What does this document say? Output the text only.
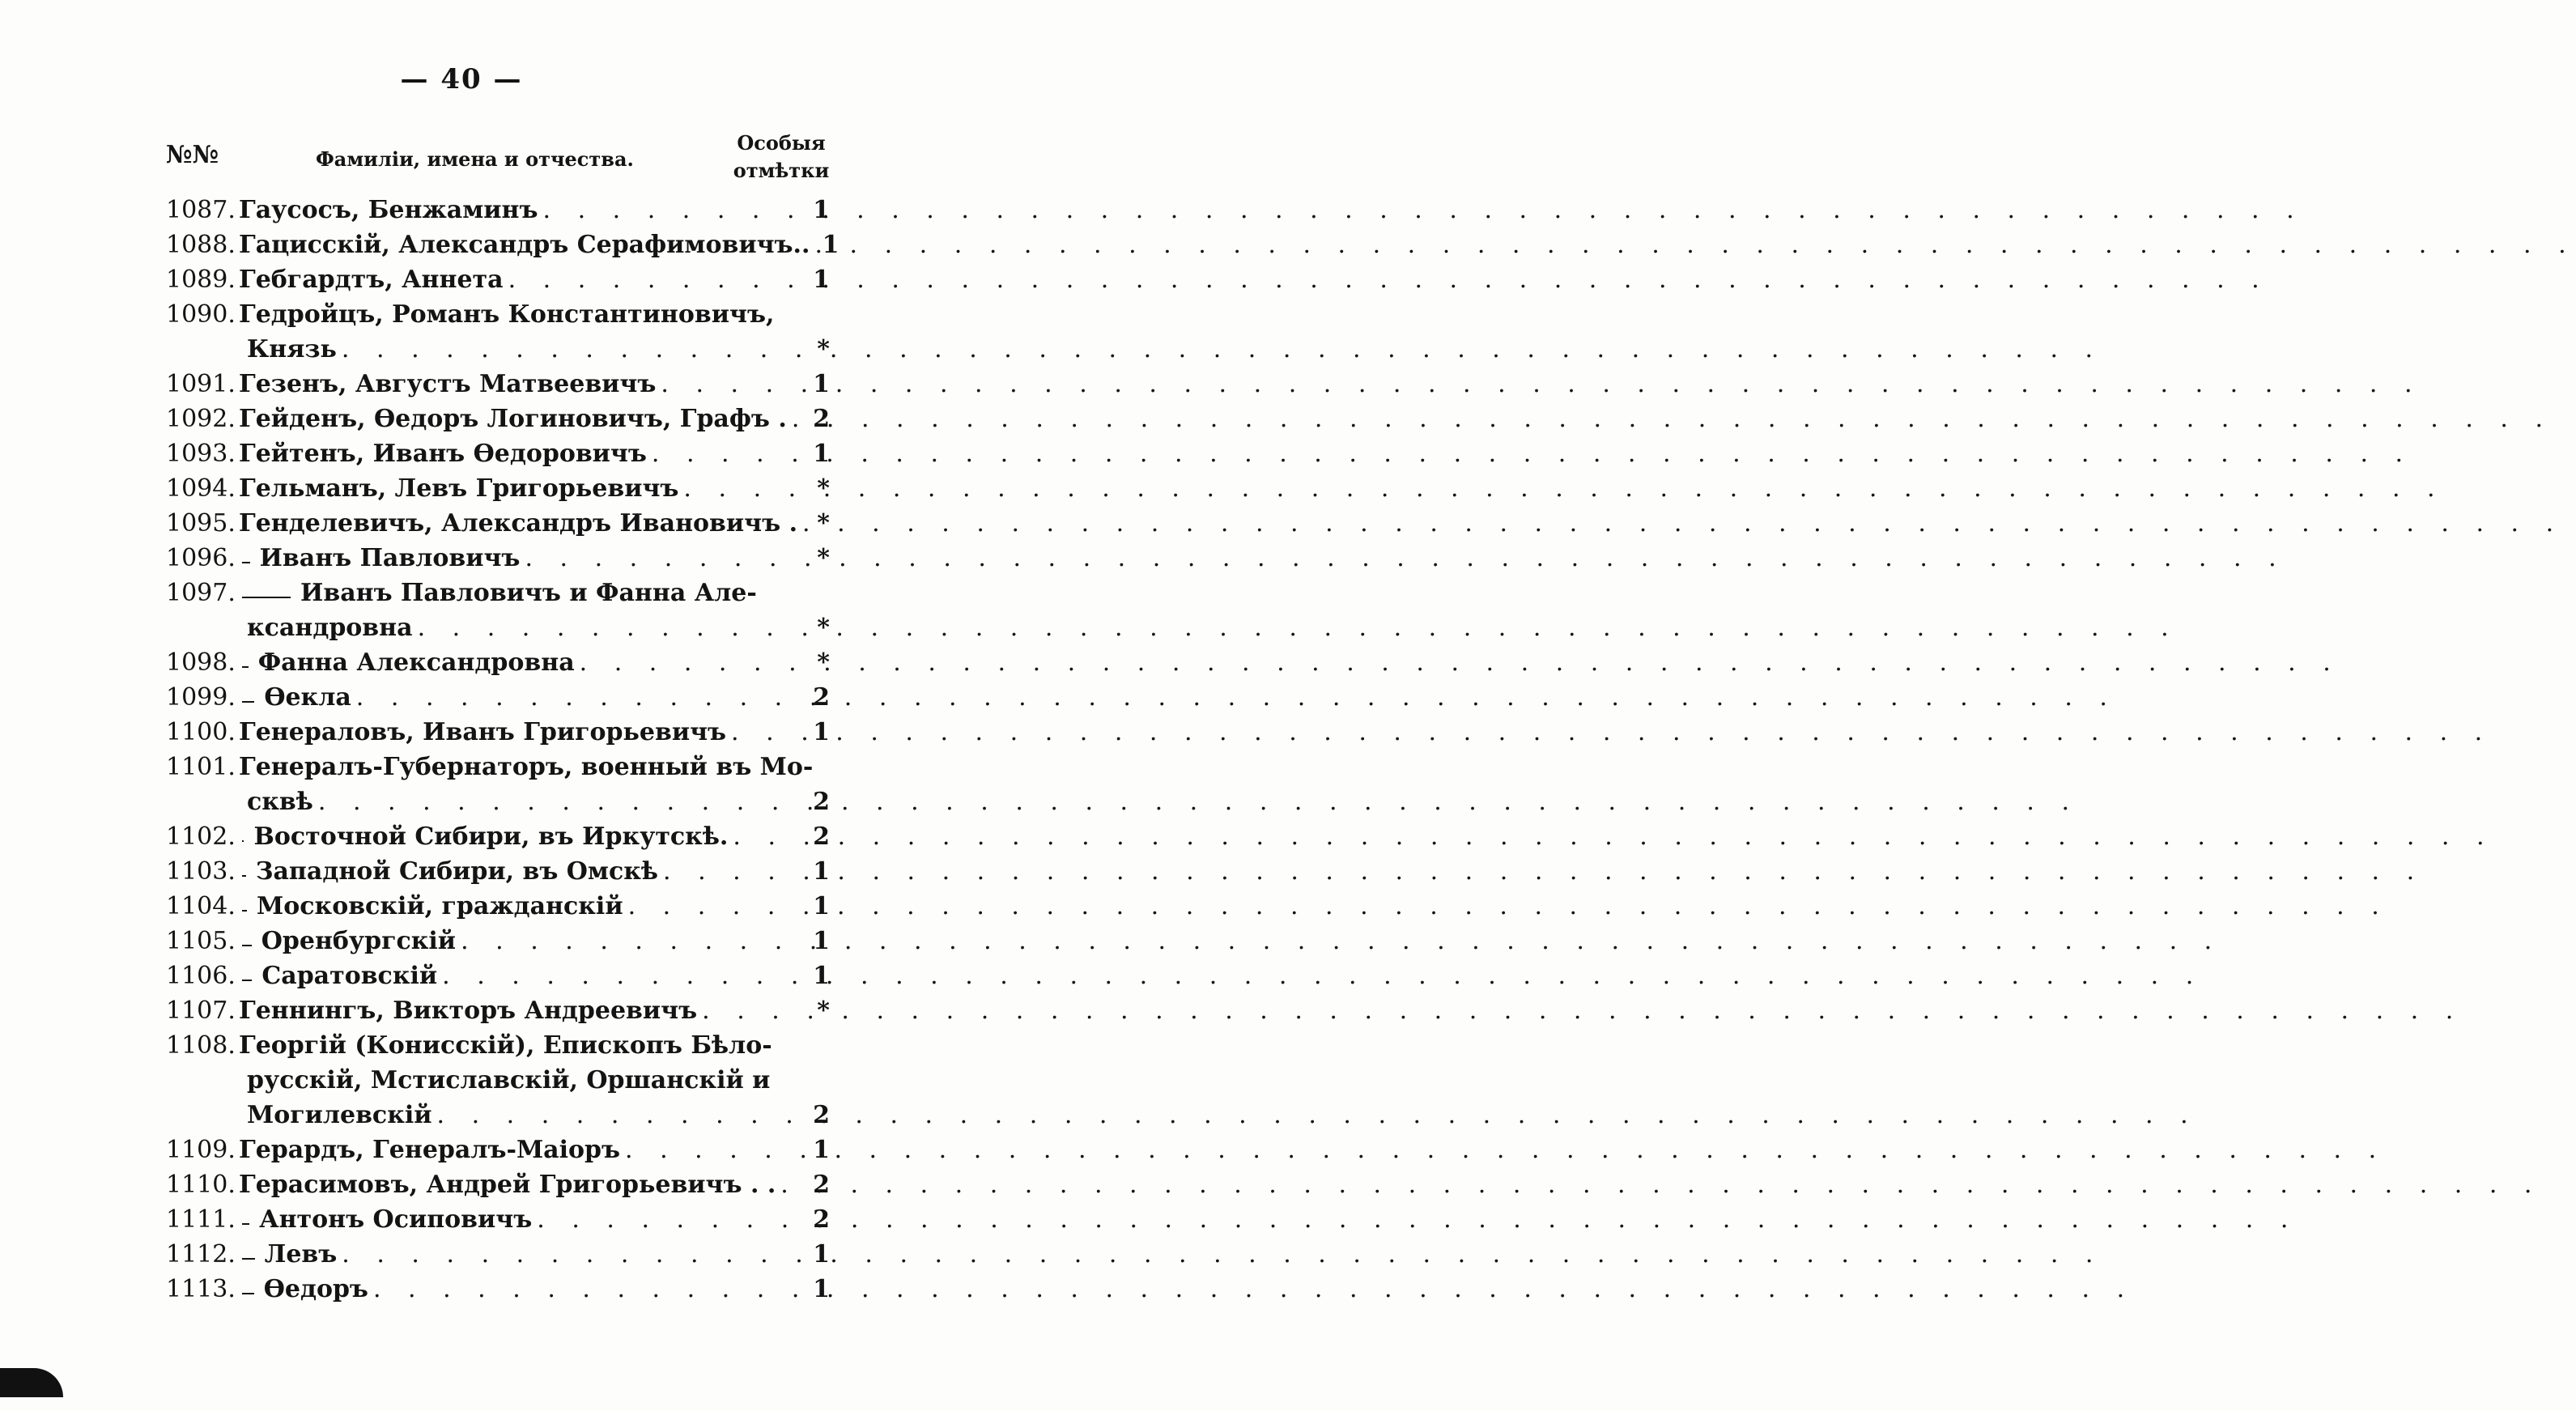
— 40 —
№№	Фамиліи, имена и отчества.
Особыя
отмѣтки
1087. Гаусосъ, Бенжаминъ . . .	1
1088. Гацисскій, Александръ Серафимовичъ.. . . . 1
1089. Гебгардтъ, Аннета . . .	1
1090. Гедройцъ, Романъ Константиновичъ,
Князь . . .	*
1091. Гезенъ, Августъ Матвеевичъ . . .	1
1092. Гейденъ, Ѳедоръ Логиновичъ, Графъ . . . .	2
1093. Гейтенъ, Иванъ Ѳедоровичъ . . .	1
1094. Гельманъ, Левъ Григорьевичъ . . .	*
1095. Генделевичъ, Александръ Ивановичъ . . . . *
1096. Иванъ Павловичъ . . .	*
1097.	Иванъ Павловичъ и Фанна Але-
ксандровна . . .	*
1098. Фанна Александровна . . .	*
1099. Ѳекла . . .	2
1100. Генераловъ, Иванъ Григорьевичъ . . .	1
1101. Генералъ-Губернаторъ, военный въ Мо-
сквѣ . . .	2
1102. Восточной Сибири, въ Иркутскѣ. . . .	2
1103. Западной Сибири, въ Омскѣ . . .	1
1104. Московскій, гражданскій . . .	1
1105. Оренбургскій . . .	1
1106. Саратовскій . . .	1
1107. Геннингъ, Викторъ Андреевичъ . . .	*
1108. Георгій (Конисскій), Епископъ Бѣло-
русскій, Мстиславскій, Оршанскій и
Могилевскій . . .	2
1109. Герардъ, Генералъ-Маіоръ . . .	1
1110. Герасимовъ, Андрей Григорьевичъ . . . . .	2
1111. Антонъ Осиповичъ . . .	2
1112. Левъ . . .	1
1113. Ѳедоръ . . .	1
